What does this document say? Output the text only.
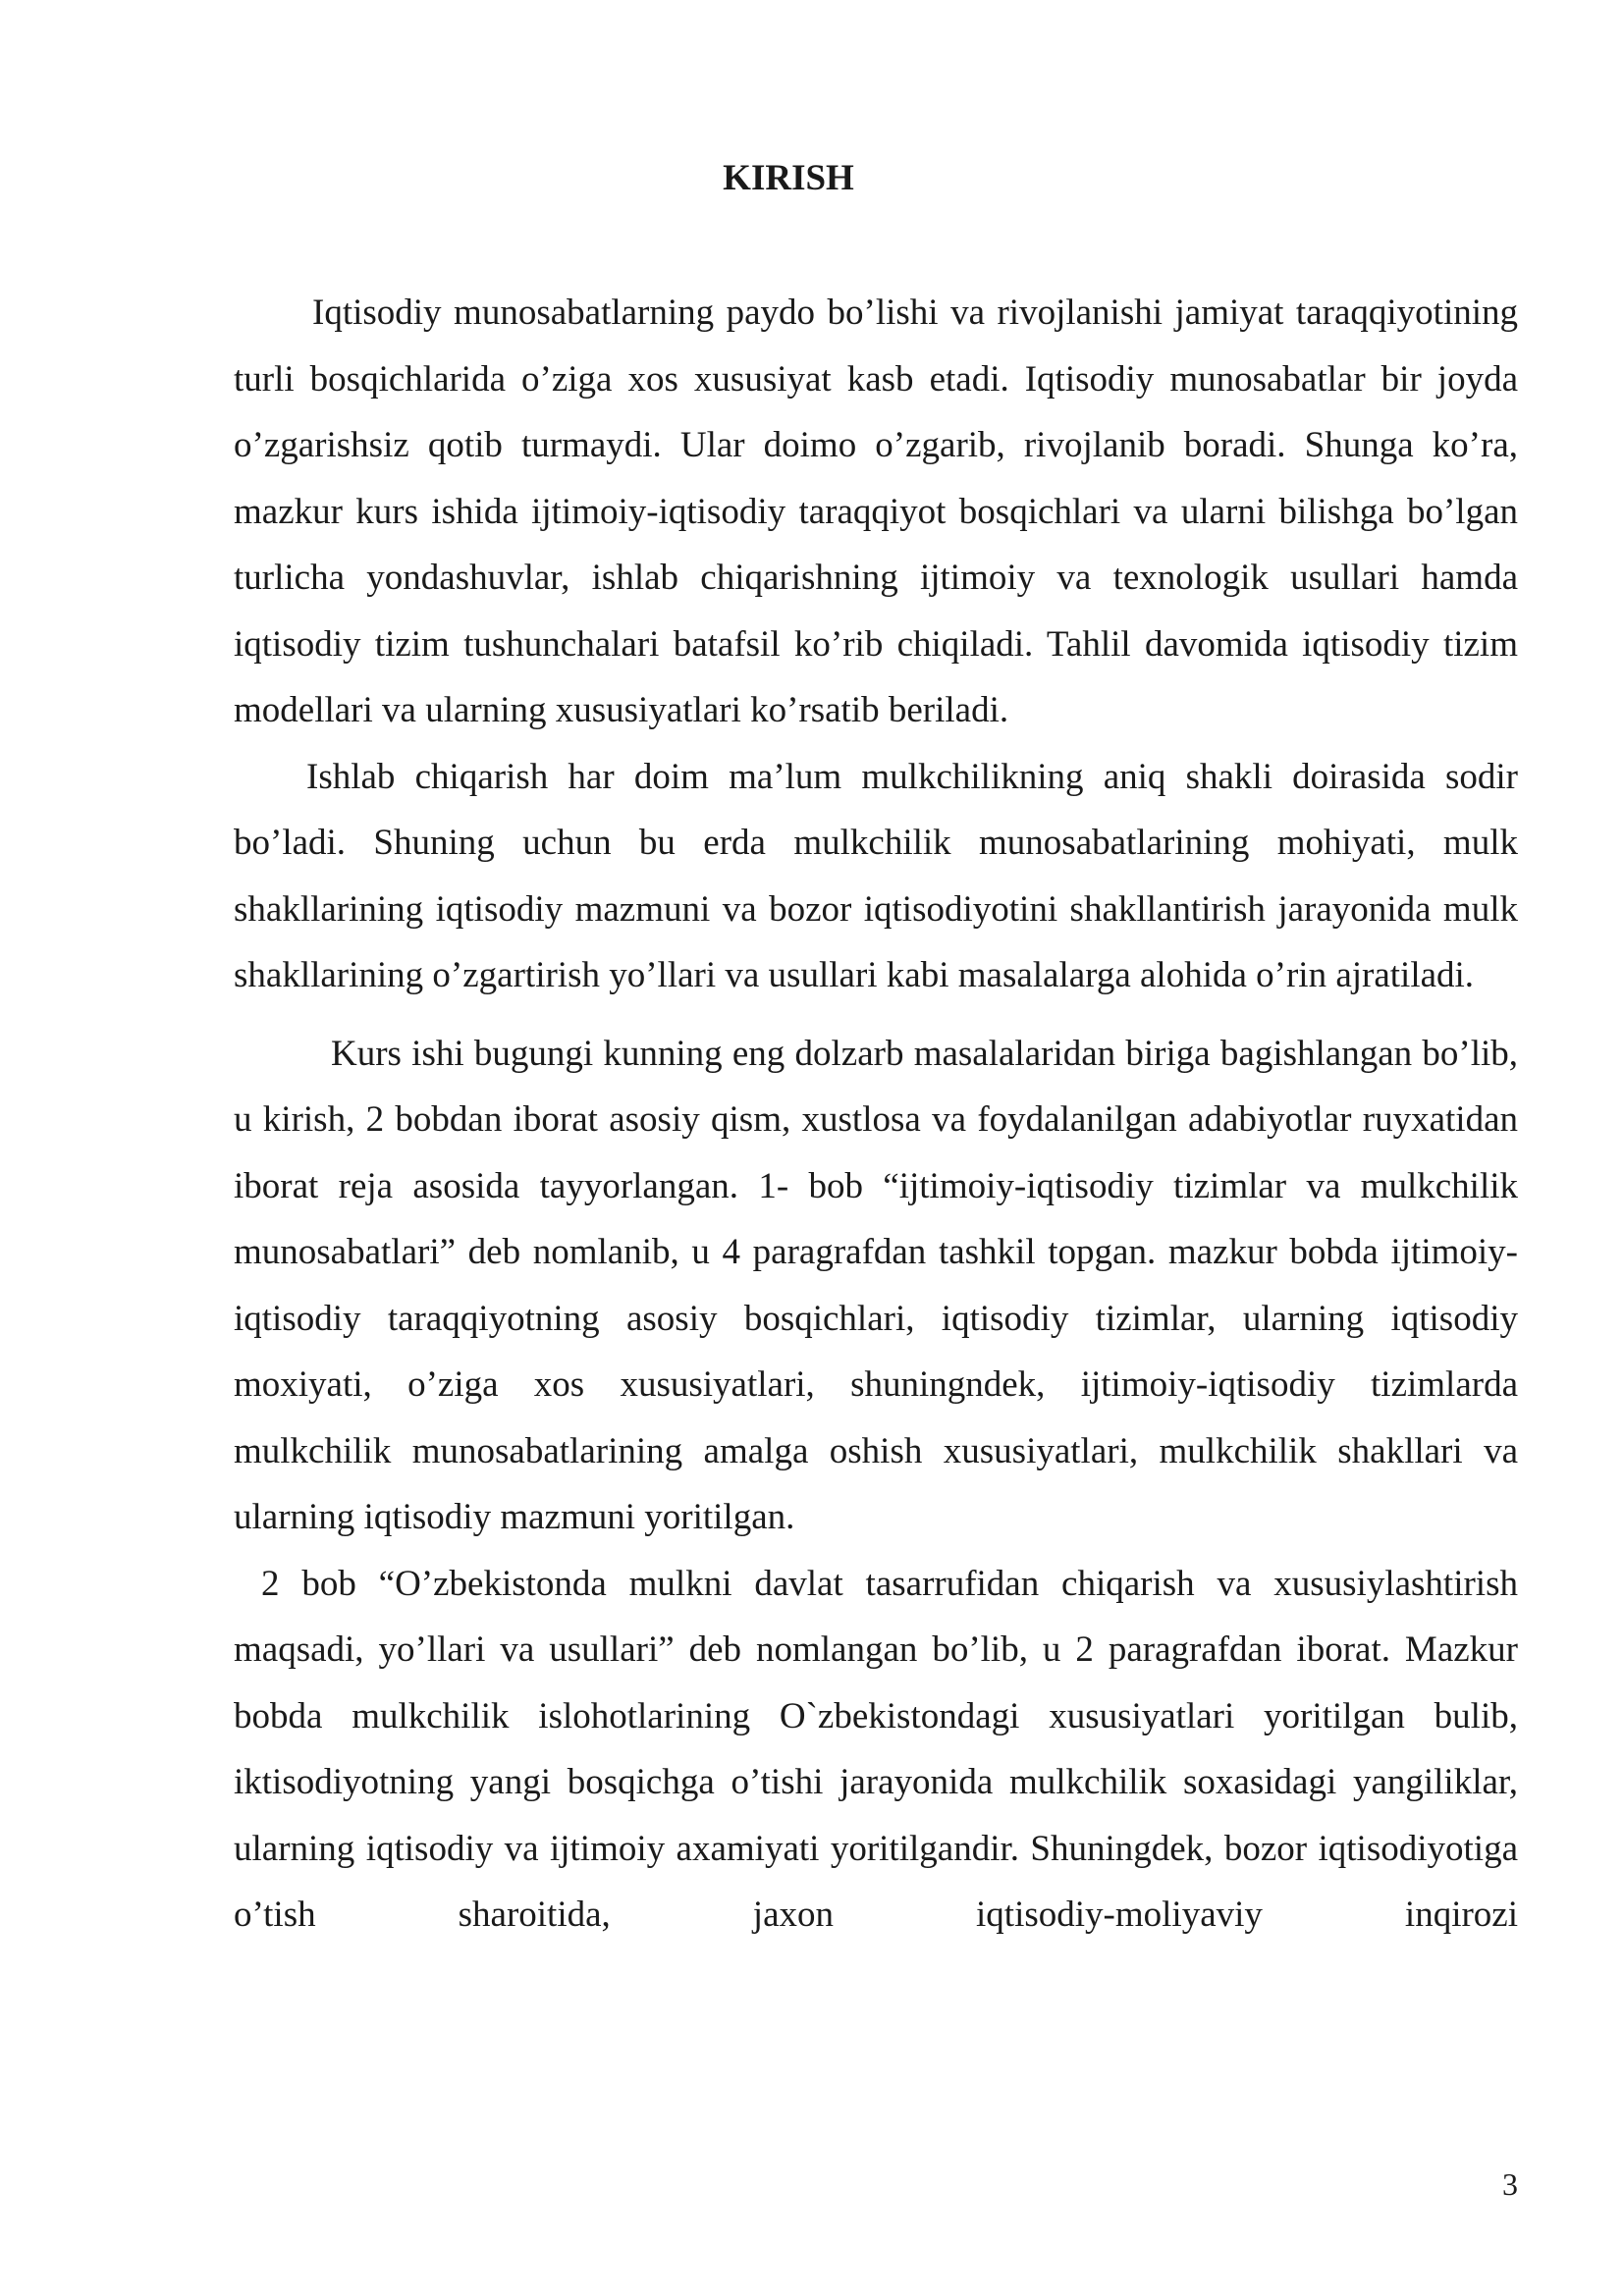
KIRISH

Iqtisodiy munosabatlarning paydo bo’lishi va rivojlanishi jamiyat taraqqiyotining turli bosqichlarida o’ziga xos xususiyat kasb etadi. Iqtisodiy munosabatlar bir joyda o’zgarishsiz qotib turmaydi. Ular doimo o’zgarib, rivojlanib boradi. Shunga ko’ra, mazkur kurs ishida ijtimoiy-iqtisodiy taraqqiyot bosqichlari va ularni bilishga bo’lgan turlicha yondashuvlar, ishlab chiqarishning ijtimoiy va texnologik usullari hamda iqtisodiy tizim tushunchalari batafsil ko’rib chiqiladi. Tahlil davomida iqtisodiy tizim modellari va ularning xususiyatlari ko’rsatib beriladi.

Ishlab chiqarish har doim ma’lum mulkchilikning aniq shakli doirasida sodir bo’ladi. Shuning uchun bu erda mulkchilik munosabatlarining mohiyati, mulk shakllarining iqtisodiy mazmuni va bozor iqtisodiyotini shakllantirish jarayonida mulk shakllarining o’zgartirish yo’llari va usullari kabi masalalarga alohida o’rin ajratiladi.

Kurs ishi bugungi kunning eng dolzarb masalalaridan biriga bagishlangan bo’lib, u kirish, 2 bobdan iborat asosiy qism, xustlosa va foydalanilgan adabiyotlar ruyxatidan iborat reja asosida tayyorlangan. 1- bob “ijtimoiy-iqtisodiy tizimlar va mulkchilik munosabatlari” deb nomlanib, u 4 paragrafdan tashkil topgan. mazkur bobda ijtimoiy-iqtisodiy taraqqiyotning asosiy bosqichlari, iqtisodiy tizimlar, ularning iqtisodiy moxiyati, o’ziga xos xususiyatlari, shuningndek, ijtimoiy-iqtisodiy tizimlarda mulkchilik munosabatlarining amalga oshish xususiyatlari, mulkchilik shakllari va ularning iqtisodiy mazmuni yoritilgan.

2 bob “O’zbekistonda mulkni davlat tasarrufidan chiqarish va xususiylashtirish maqsadi, yo’llari va usullari” deb nomlangan bo’lib, u 2 paragrafdan iborat. Mazkur bobda mulkchilik islohotlarining O`zbekistondagi xususiyatlari yoritilgan bulib, iktisodiyotning yangi bosqichga o’tishi jarayonida mulkchilik soxasidagi yangiliklar, ularning iqtisodiy va ijtimoiy axamiyati yoritilgandir. Shuningdek, bozor iqtisodiyotiga o’tish sharoitida, jaxon iqtisodiy-moliyaviy inqirozi

3
